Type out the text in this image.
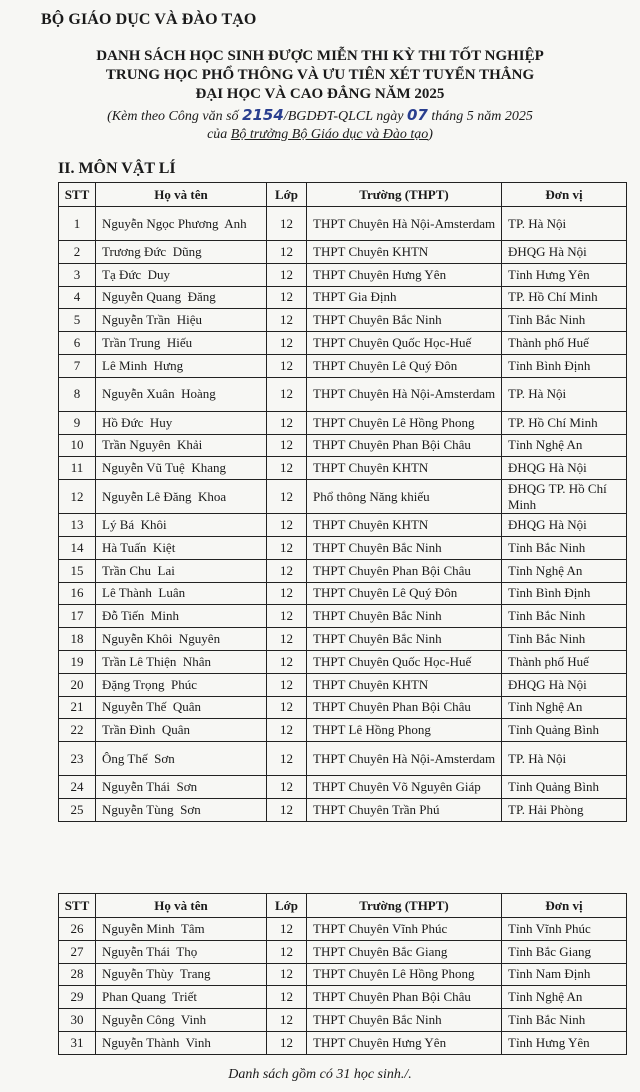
BỘ GIÁO DỤC VÀ ĐÀO TẠO
DANH SÁCH HỌC SINH ĐƯỢC MIỄN THI KỲ THI TỐT NGHIỆP
TRUNG HỌC PHỔ THÔNG VÀ ƯU TIÊN XÉT TUYỂN THẲNG
ĐẠI HỌC VÀ CAO ĐẲNG NĂM 2025
(Kèm theo Công văn số 2154/BGDĐT-QLCL ngày 07 tháng 5 năm 2025
của Bộ trưởng Bộ Giáo dục và Đào tạo)
II. MÔN VẬT LÍ
STT	Họ và tên	Lớp	Trường (THPT)	Đơn vị
1	Nguyễn Ngọc Phương  Anh	12	THPT Chuyên Hà Nội-Amsterdam	TP. Hà Nội
2	Trương Đức  Dũng	12	THPT Chuyên KHTN	ĐHQG Hà Nội
3	Tạ Đức  Duy	12	THPT Chuyên Hưng Yên	Tỉnh Hưng Yên
4	Nguyễn Quang  Đăng	12	THPT Gia Định	TP. Hồ Chí Minh
5	Nguyễn Trần  Hiệu	12	THPT Chuyên Bắc Ninh	Tỉnh Bắc Ninh
6	Trần Trung  Hiếu	12	THPT Chuyên Quốc Học-Huế	Thành phố Huế
7	Lê Minh  Hưng	12	THPT Chuyên Lê Quý Đôn	Tỉnh Bình Định
8	Nguyễn Xuân  Hoàng	12	THPT Chuyên Hà Nội-Amsterdam	TP. Hà Nội
9	Hồ Đức  Huy	12	THPT Chuyên Lê Hồng Phong	TP. Hồ Chí Minh
10	Trần Nguyên  Khải	12	THPT Chuyên Phan Bội Châu	Tỉnh Nghệ An
11	Nguyễn Vũ Tuệ  Khang	12	THPT Chuyên KHTN	ĐHQG Hà Nội
12	Nguyễn Lê Đăng  Khoa	12	Phổ thông Năng khiếu	ĐHQG TP. Hồ Chí Minh
13	Lý Bá  Khôi	12	THPT Chuyên KHTN	ĐHQG Hà Nội
14	Hà Tuấn  Kiệt	12	THPT Chuyên Bắc Ninh	Tỉnh Bắc Ninh
15	Trần Chu  Lai	12	THPT Chuyên Phan Bội Châu	Tỉnh Nghệ An
16	Lê Thành  Luân	12	THPT Chuyên Lê Quý Đôn	Tỉnh Bình Định
17	Đỗ Tiến  Minh	12	THPT Chuyên Bắc Ninh	Tỉnh Bắc Ninh
18	Nguyễn Khôi  Nguyên	12	THPT Chuyên Bắc Ninh	Tỉnh Bắc Ninh
19	Trần Lê Thiện  Nhân	12	THPT Chuyên Quốc Học-Huế	Thành phố Huế
20	Đặng Trọng  Phúc	12	THPT Chuyên KHTN	ĐHQG Hà Nội
21	Nguyễn Thế  Quân	12	THPT Chuyên Phan Bội Châu	Tỉnh Nghệ An
22	Trần Đình  Quân	12	THPT Lê Hồng Phong	Tỉnh Quảng Bình
23	Ông Thế  Sơn	12	THPT Chuyên Hà Nội-Amsterdam	TP. Hà Nội
24	Nguyễn Thái  Sơn	12	THPT Chuyên Võ Nguyên Giáp	Tỉnh Quảng Bình
25	Nguyễn Tùng  Sơn	12	THPT Chuyên Trần Phú	TP. Hải Phòng
STT	Họ và tên	Lớp	Trường (THPT)	Đơn vị
26	Nguyễn Minh  Tâm	12	THPT Chuyên Vĩnh Phúc	Tỉnh Vĩnh Phúc
27	Nguyễn Thái  Thọ	12	THPT Chuyên Bắc Giang	Tỉnh Bắc Giang
28	Nguyễn Thùy  Trang	12	THPT Chuyên Lê Hồng Phong	Tỉnh Nam Định
29	Phan Quang  Triết	12	THPT Chuyên Phan Bội Châu	Tỉnh Nghệ An
30	Nguyễn Công  Vinh	12	THPT Chuyên Bắc Ninh	Tỉnh Bắc Ninh
31	Nguyễn Thành  Vinh	12	THPT Chuyên Hưng Yên	Tỉnh Hưng Yên
Danh sách gồm có 31 học sinh./.
